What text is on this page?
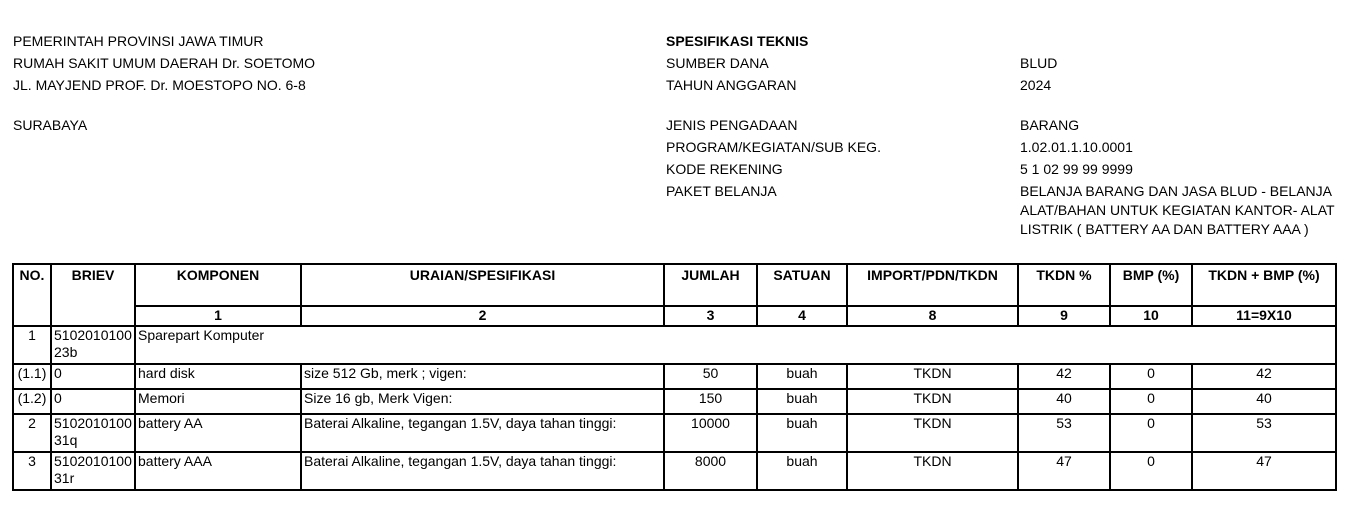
PEMERINTAH PROVINSI JAWA TIMUR
RUMAH SAKIT UMUM DAERAH Dr. SOETOMO
JL. MAYJEND PROF. Dr. MOESTOPO NO. 6-8
SURABAYA
SPESIFIKASI TEKNIS
SUMBER DANA	BLUD
TAHUN ANGGARAN	2024
JENIS PENGADAAN	BARANG
PROGRAM/KEGIATAN/SUB KEG.	1.02.01.1.10.0001
KODE REKENING	5 1 02 99 99 9999
PAKET BELANJA	BELANJA BARANG DAN JASA BLUD - BELANJA ALAT/BAHAN UNTUK KEGIATAN KANTOR- ALAT LISTRIK ( BATTERY AA DAN BATTERY AAA )
NO.	BRIEV	KOMPONEN	URAIAN/SPESIFIKASI	JUMLAH	SATUAN	IMPORT/PDN/TKDN	TKDN %	BMP (%)	TKDN + BMP (%)
		1	2	3	4	8	9	10	11=9X10
1	510201010023b	Sparepart Komputer							
(1.1)	0	hard disk	size 512 Gb, merk ; vigen:	50	buah	TKDN	42	0	42
(1.2)	0	Memori	Size 16 gb, Merk Vigen:	150	buah	TKDN	40	0	40
2	510201010031q	battery AA	Baterai Alkaline, tegangan 1.5V, daya tahan tinggi:	10000	buah	TKDN	53	0	53
3	510201010031r	battery AAA	Baterai Alkaline, tegangan 1.5V, daya tahan tinggi:	8000	buah	TKDN	47	0	47
